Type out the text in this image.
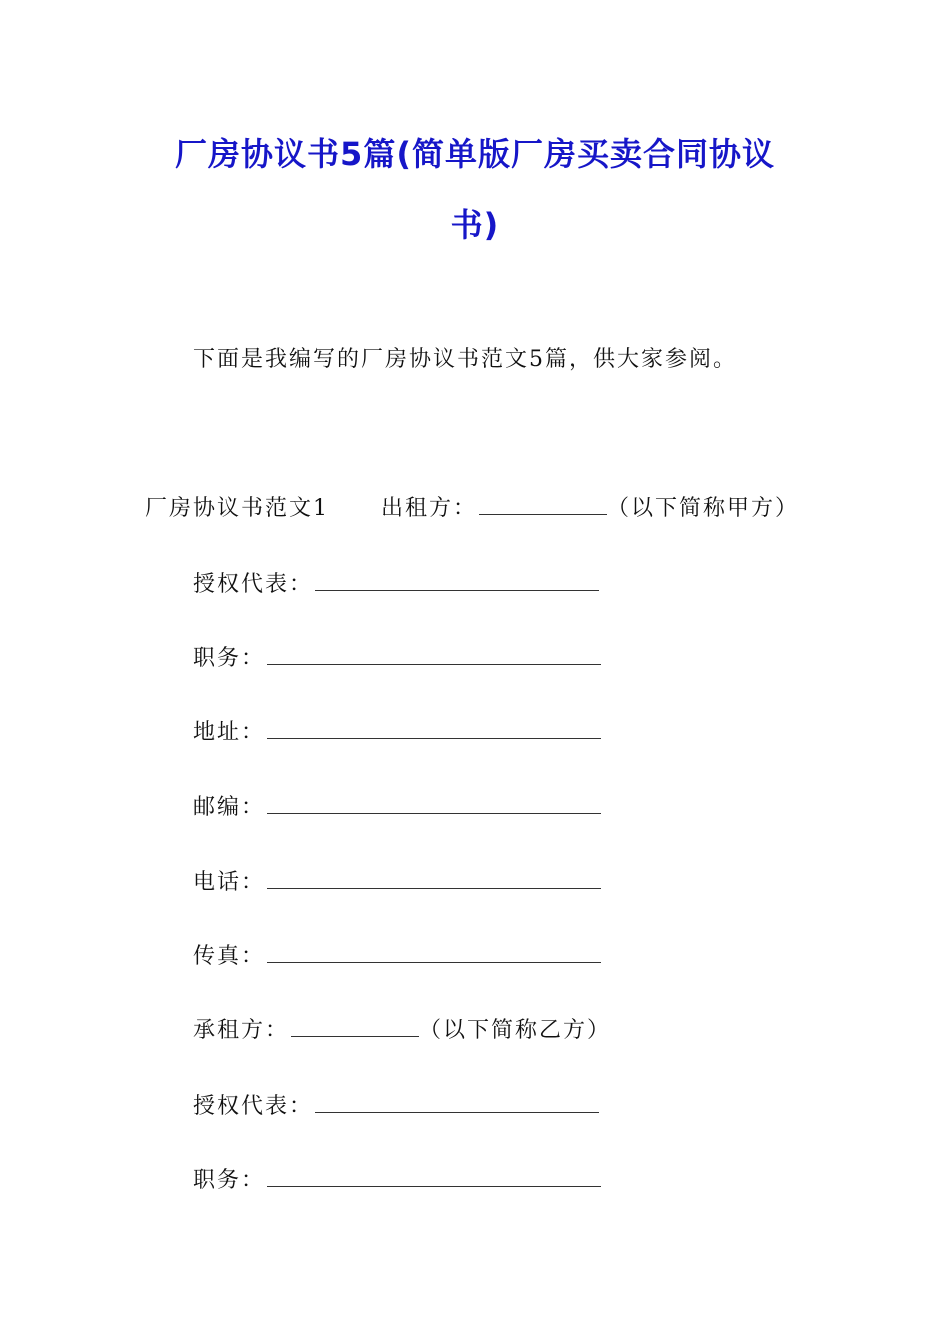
厂房协议书5篇(简单版厂房买卖合同协议
书)
下面是我编写的厂房协议书范文5篇，供大家参阅。
厂房协议书范文1 出租方：	（以下简称甲方）
授权代表：
职务：
地址：
邮编：
电话：
传真：
承租方：	（以下简称乙方）
授权代表：
职务：
